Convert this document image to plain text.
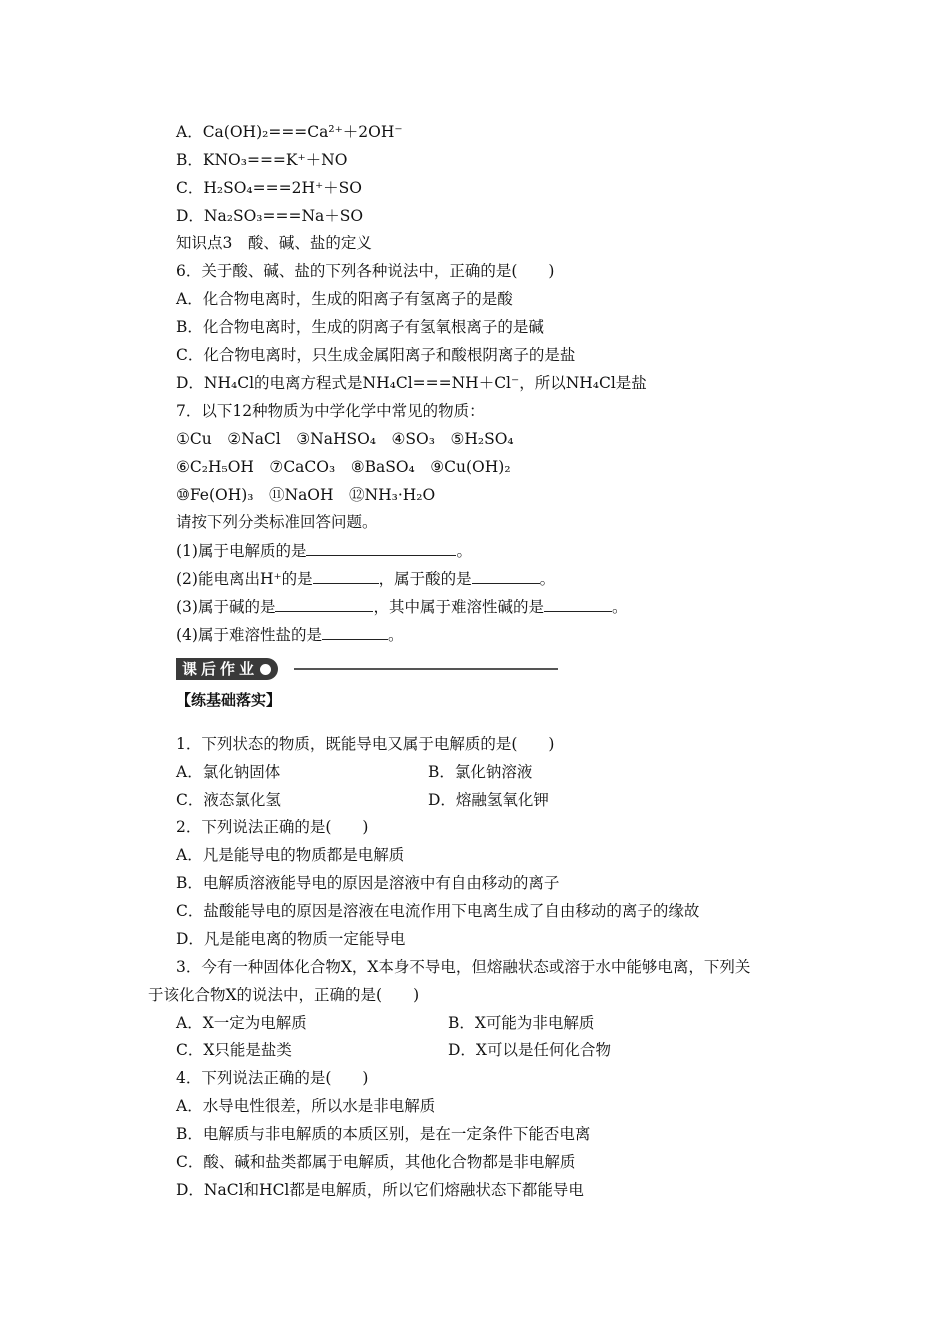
A．Ca(OH)₂===Ca²⁺＋2OH⁻
B．KNO₃===K⁺＋NO
C．H₂SO₄===2H⁺＋SO
D．Na₂SO₃===Na＋SO
知识点3　酸、碱、盐的定义
6．关于酸、碱、盐的下列各种说法中，正确的是(　　)
A．化合物电离时，生成的阳离子有氢离子的是酸
B．化合物电离时，生成的阴离子有氢氧根离子的是碱
C．化合物电离时，只生成金属阳离子和酸根阴离子的是盐
D．NH₄Cl的电离方程式是NH₄Cl===NH＋Cl⁻，所以NH₄Cl是盐
7．以下12种物质为中学化学中常见的物质：
①Cu　②NaCl　③NaHSO₄　④SO₃　⑤H₂SO₄
⑥C₂H₅OH　⑦CaCO₃　⑧BaSO₄　⑨Cu(OH)₂
⑩Fe(OH)₃　⑪NaOH　⑫NH₃·H₂O
请按下列分类标准回答问题。
(1)属于电解质的是	。
(2)能电离出H⁺的是	，属于酸的是	。
(3)属于碱的是	，其中属于难溶性碱的是	。
(4)属于难溶性盐的是	。
课后作业
【练基础落实】
1．下列状态的物质，既能导电又属于电解质的是(　　)
A．氯化钠固体	B．氯化钠溶液
C．液态氯化氢	D．熔融氢氧化钾
2．下列说法正确的是(　　)
A．凡是能导电的物质都是电解质
B．电解质溶液能导电的原因是溶液中有自由移动的离子
C．盐酸能导电的原因是溶液在电流作用下电离生成了自由移动的离子的缘故
D．凡是能电离的物质一定能导电
3．今有一种固体化合物X，X本身不导电，但熔融状态或溶于水中能够电离，下列关
于该化合物X的说法中，正确的是(　　)
A．X一定为电解质	B．X可能为非电解质
C．X只能是盐类	D．X可以是任何化合物
4．下列说法正确的是(　　)
A．水导电性很差，所以水是非电解质
B．电解质与非电解质的本质区别，是在一定条件下能否电离
C．酸、碱和盐类都属于电解质，其他化合物都是非电解质
D．NaCl和HCl都是电解质，所以它们熔融状态下都能导电
